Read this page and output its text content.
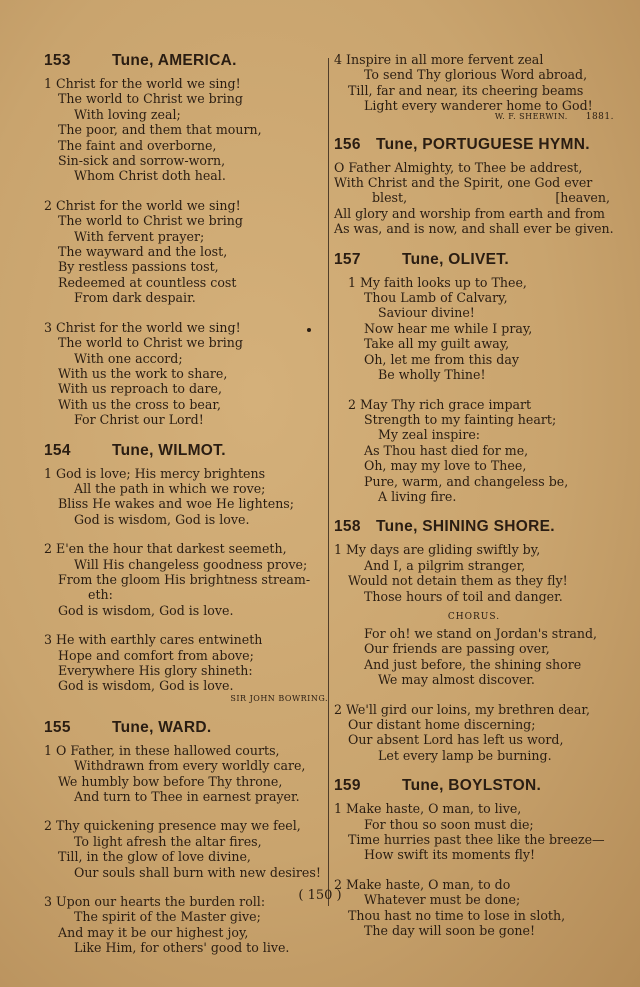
153	Tune, AMERICA.
1 Christ for the world we sing!
The world to Christ we bring
With loving zeal;
The poor, and them that mourn,
The faint and overborne,
Sin-sick and sorrow-worn,
Whom Christ doth heal.
2 Christ for the world we sing!
The world to Christ we bring
With fervent prayer;
The wayward and the lost,
By restless passions tost,
Redeemed at countless cost
From dark despair.
3 Christ for the world we sing!
The world to Christ we bring
With one accord;
With us the work to share,
With us reproach to dare,
With us the cross to bear,
For Christ our Lord!
154	Tune, WILMOT.
1 God is love; His mercy brightens
All the path in which we rove;
Bliss He wakes and woe He lightens;
God is wisdom, God is love.
2 E'en the hour that darkest seemeth,
Will His changeless goodness prove;
From the gloom His brightness stream-
eth:
God is wisdom, God is love.
3 He with earthly cares entwineth
Hope and comfort from above;
Everywhere His glory shineth:
God is wisdom, God is love.
SIR JOHN BOWRING.
155	Tune, WARD.
1 O Father, in these hallowed courts,
Withdrawn from every worldly care,
We humbly bow before Thy throne,
And turn to Thee in earnest prayer.
2 Thy quickening presence may we feel,
To light afresh the altar fires,
Till, in the glow of love divine,
Our souls shall burn with new desires!
3 Upon our hearts the burden roll:
The spirit of the Master give;
And may it be our highest joy,
Like Him, for others' good to live.
4 Inspire in all more fervent zeal
To send Thy glorious Word abroad,
Till, far and near, its cheering beams
Light every wanderer home to God!
W. F. SHERWIN. 1881.
156 Tune, PORTUGUESE HYMN.
O Father Almighty, to Thee be addrest,
With Christ and the Spirit, one God ever
blest,	[heaven,
All glory and worship from earth and from
As was, and is now, and shall ever be given.
157	Tune, OLIVET.
1 My faith looks up to Thee,
Thou Lamb of Calvary,
Saviour divine!
Now hear me while I pray,
Take all my guilt away,
Oh, let me from this day
Be wholly Thine!
2 May Thy rich grace impart
Strength to my fainting heart;
My zeal inspire:
As Thou hast died for me,
Oh, may my love to Thee,
Pure, warm, and changeless be,
A living fire.
158 Tune, SHINING SHORE.
1 My days are gliding swiftly by,
And I, a pilgrim stranger,
Would not detain them as they fly!
Those hours of toil and danger.
CHORUS.
For oh! we stand on Jordan's strand,
Our friends are passing over,
And just before, the shining shore
We may almost discover.
2 We'll gird our loins, my brethren dear,
Our distant home discerning;
Our absent Lord has left us word,
Let every lamp be burning.
159	Tune, BOYLSTON.
1 Make haste, O man, to live,
For thou so soon must die;
Time hurries past thee like the breeze—
How swift its moments fly!
2 Make haste, O man, to do
Whatever must be done;
Thou hast no time to lose in sloth,
The day will soon be gone!
( 150 )
